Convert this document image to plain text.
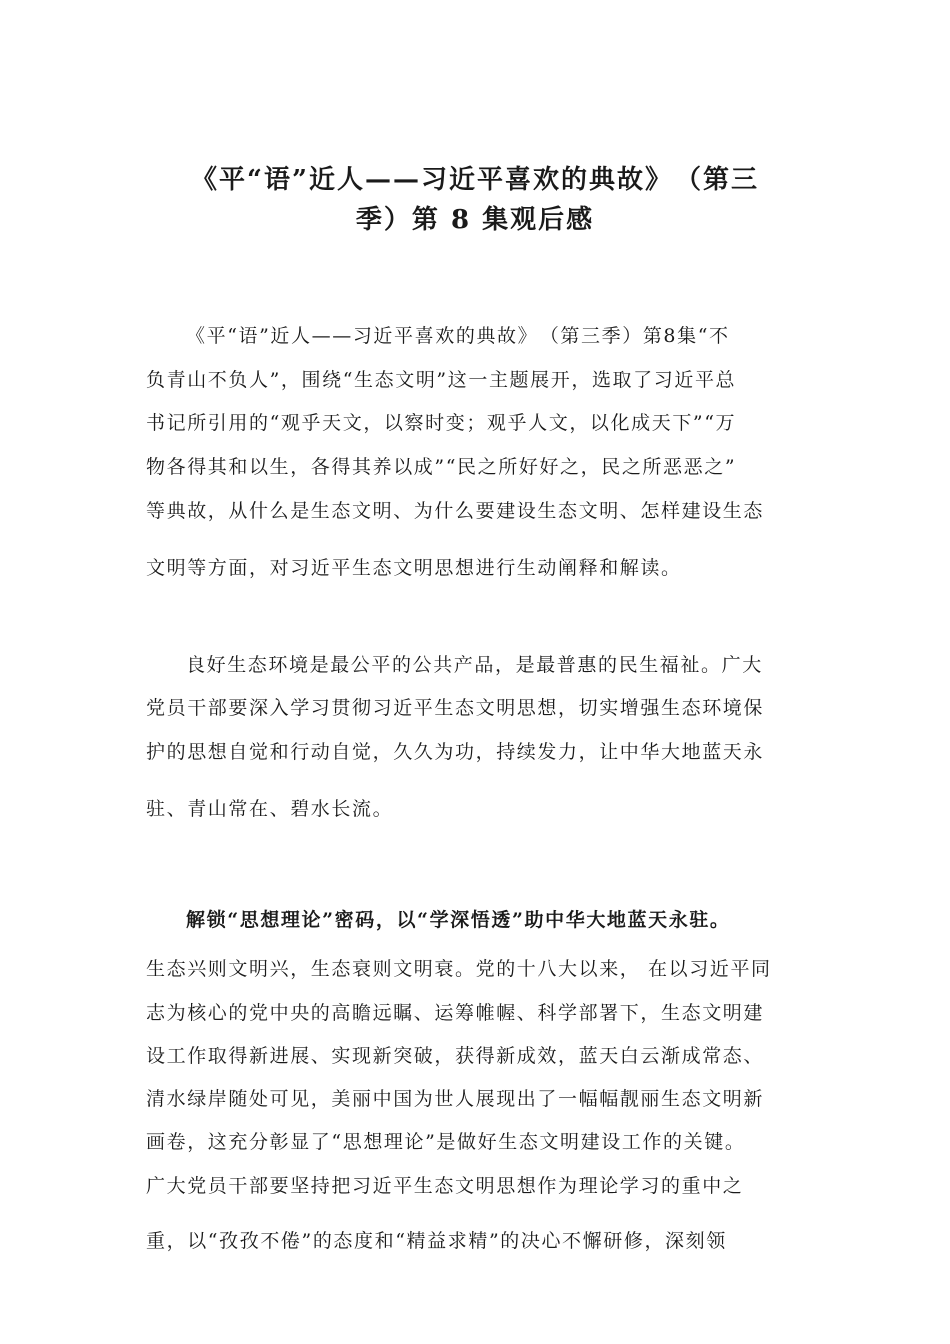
《平“语”近人——习近平喜欢的典故》　（第三
季）第 8 集观后感
《平“语”近人——习近平喜欢的典故》　（第三季）第8集“不
负青山不负人”，围绕“生态文明”这一主题展开，选取了习近平总
书记所引用的“观乎天文，以察时变；观乎人文，以化成天下”“万
物各得其和以生，各得其养以成”“民之所好好之，民之所恶恶之”
等典故，从什么是生态文明、为什么要建设生态文明、怎样建设生态
文明等方面，对习近平生态文明思想进行生动阐释和解读。
良好生态环境是最公平的公共产品，是最普惠的民生福祉。广大
党员干部要深入学习贯彻习近平生态文明思想，切实增强生态环境保
护的思想自觉和行动自觉，久久为功，持续发力，让中华大地蓝天永
驻、青山常在、碧水长流。
解锁“思想理论”密码，以“学深悟透”助中华大地蓝天永驻。
生态兴则文明兴，生态衰则文明衰。党的十八大以来， 在以习近平同
志为核心的党中央的高瞻远瞩、运筹帷幄、科学部署下，生态文明建
设工作取得新进展、实现新突破，获得新成效，蓝天白云渐成常态、
清水绿岸随处可见，美丽中国为世人展现出了一幅幅靓丽生态文明新
画卷，这充分彰显了“思想理论”是做好生态文明建设工作的关键。
广大党员干部要坚持把习近平生态文明思想作为理论学习的重中之
重，以“孜孜不倦”的态度和“精益求精”的决心不懈研修，深刻领
